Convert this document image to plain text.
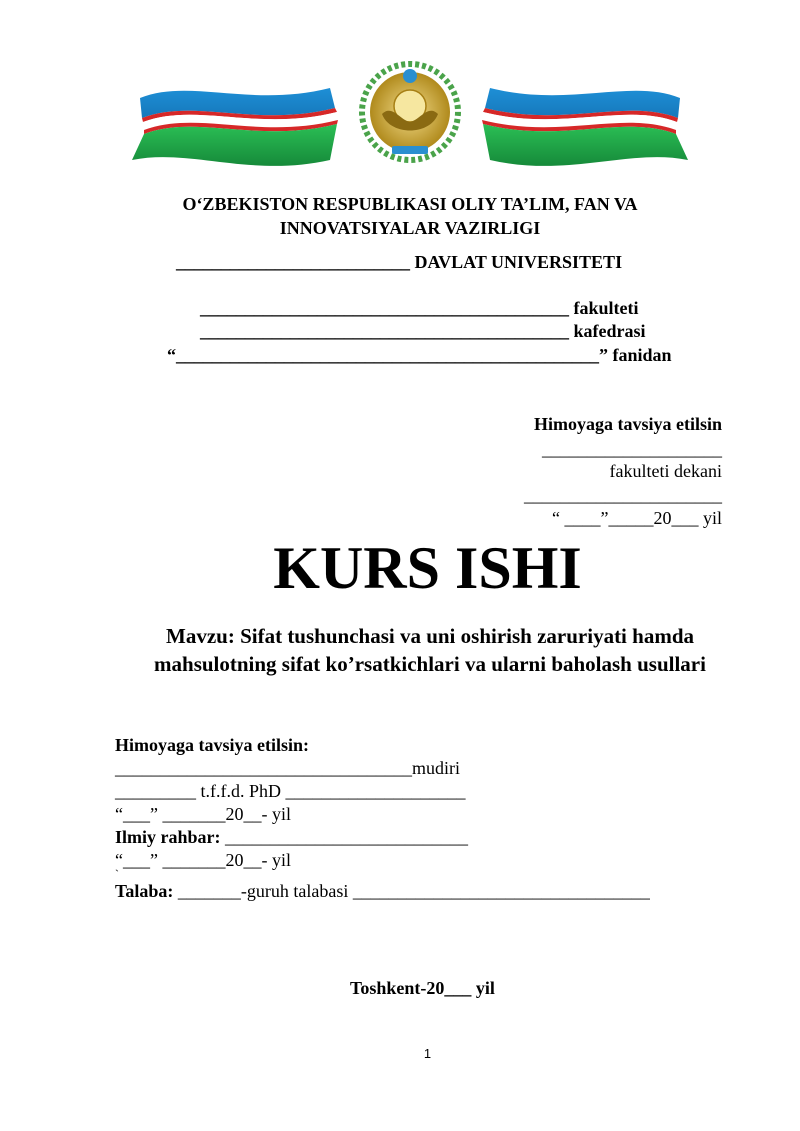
O‘ZBEKISTON RESPUBLIKASI OLIY TA’LIM, FAN VA
INNOVATSIYALAR VAZIRLIGI
__________________________ DAVLAT UNIVERSITETI
_________________________________________ fakulteti
_________________________________________ kafedrasi
“_______________________________________________” fanidan
Himoyaga tavsiya etilsin
____________________
fakulteti dekani
______________________
“ ____”_____20___ yil
KURS ISHI
Mavzu: Sifat tushunchasi va uni oshirish zaruriyati hamda
mahsulotning sifat ko’rsatkichlari va ularni baholash usullari
Himoyaga tavsiya etilsin:
_________________________________mudiri
_________ t.f.f.d. PhD ____________________
“___” _______20__- yil
Ilmiy rahbar: ___________________________
“___” _______20__- yil
`
Talaba: _______-guruh talabasi _________________________________
Toshkent-20___ yil
1
